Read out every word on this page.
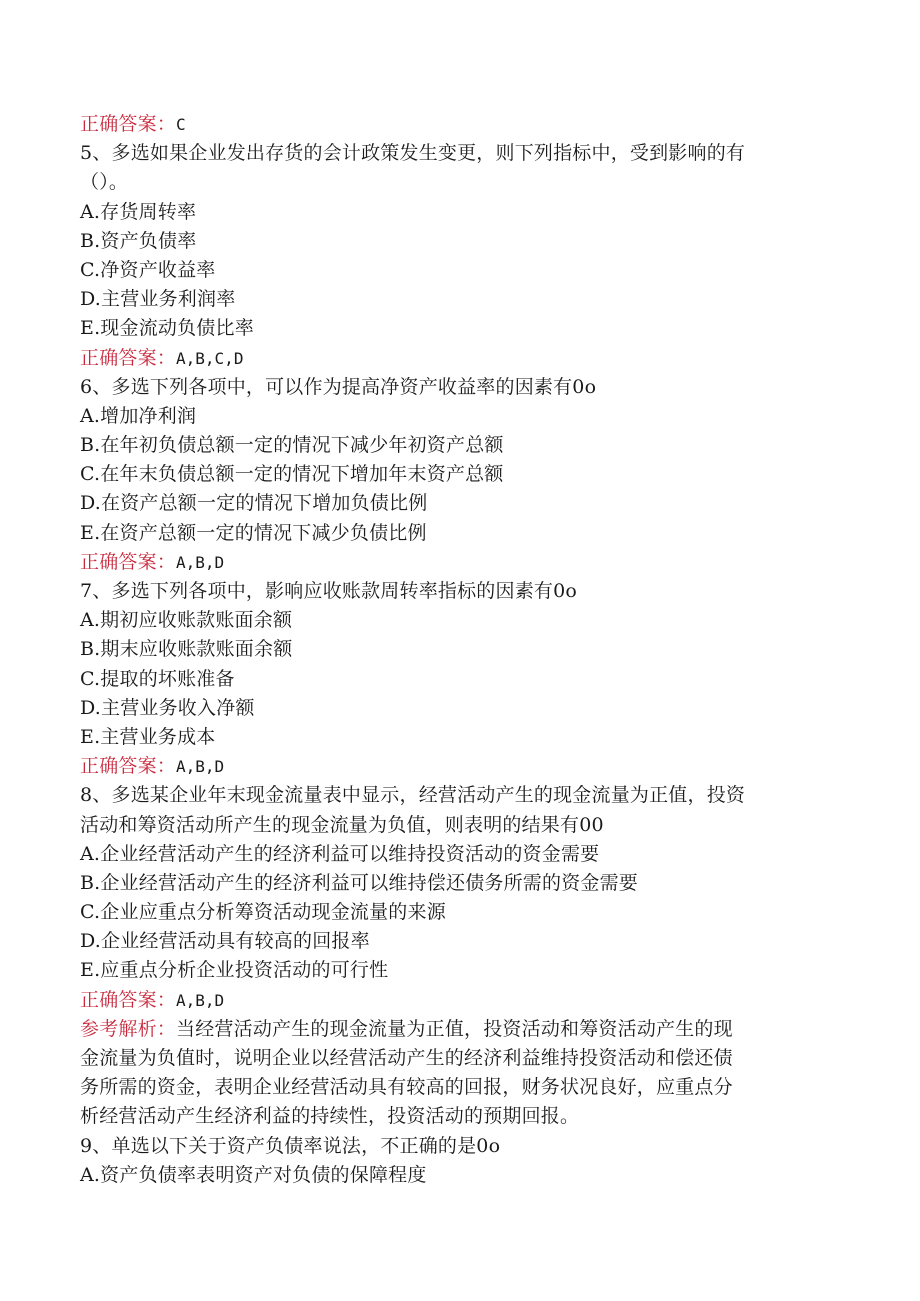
正确答案：C
5、多选如果企业发出存货的会计政策发生变更，则下列指标中，受到影响的有
（）。
A.存货周转率
B.资产负债率
C.净资产收益率
D.主营业务利润率
E.现金流动负债比率
正确答案：A,B,C,D
6、多选下列各项中，可以作为提高净资产收益率的因素有0o
A.增加净利润
B.在年初负债总额一定的情况下减少年初资产总额
C.在年末负债总额一定的情况下增加年末资产总额
D.在资产总额一定的情况下增加负债比例
E.在资产总额一定的情况下减少负债比例
正确答案：A,B,D
7、多选下列各项中，影响应收账款周转率指标的因素有0o
A.期初应收账款账面余额
B.期末应收账款账面余额
C.提取的坏账准备
D.主营业务收入净额
E.主营业务成本
正确答案：A,B,D
8、多选某企业年末现金流量表中显示，经营活动产生的现金流量为正值，投资
活动和筹资活动所产生的现金流量为负值，则表明的结果有00
A.企业经营活动产生的经济利益可以维持投资活动的资金需要
B.企业经营活动产生的经济利益可以维持偿还债务所需的资金需要
C.企业应重点分析筹资活动现金流量的来源
D.企业经营活动具有较高的回报率
E.应重点分析企业投资活动的可行性
正确答案：A,B,D
参考解析：当经营活动产生的现金流量为正值，投资活动和筹资活动产生的现
金流量为负值时，说明企业以经营活动产生的经济利益维持投资活动和偿还债
务所需的资金，表明企业经营活动具有较高的回报，财务状况良好，应重点分
析经营活动产生经济利益的持续性，投资活动的预期回报。
9、单选以下关于资产负债率说法，不正确的是0o
A.资产负债率表明资产对负债的保障程度
